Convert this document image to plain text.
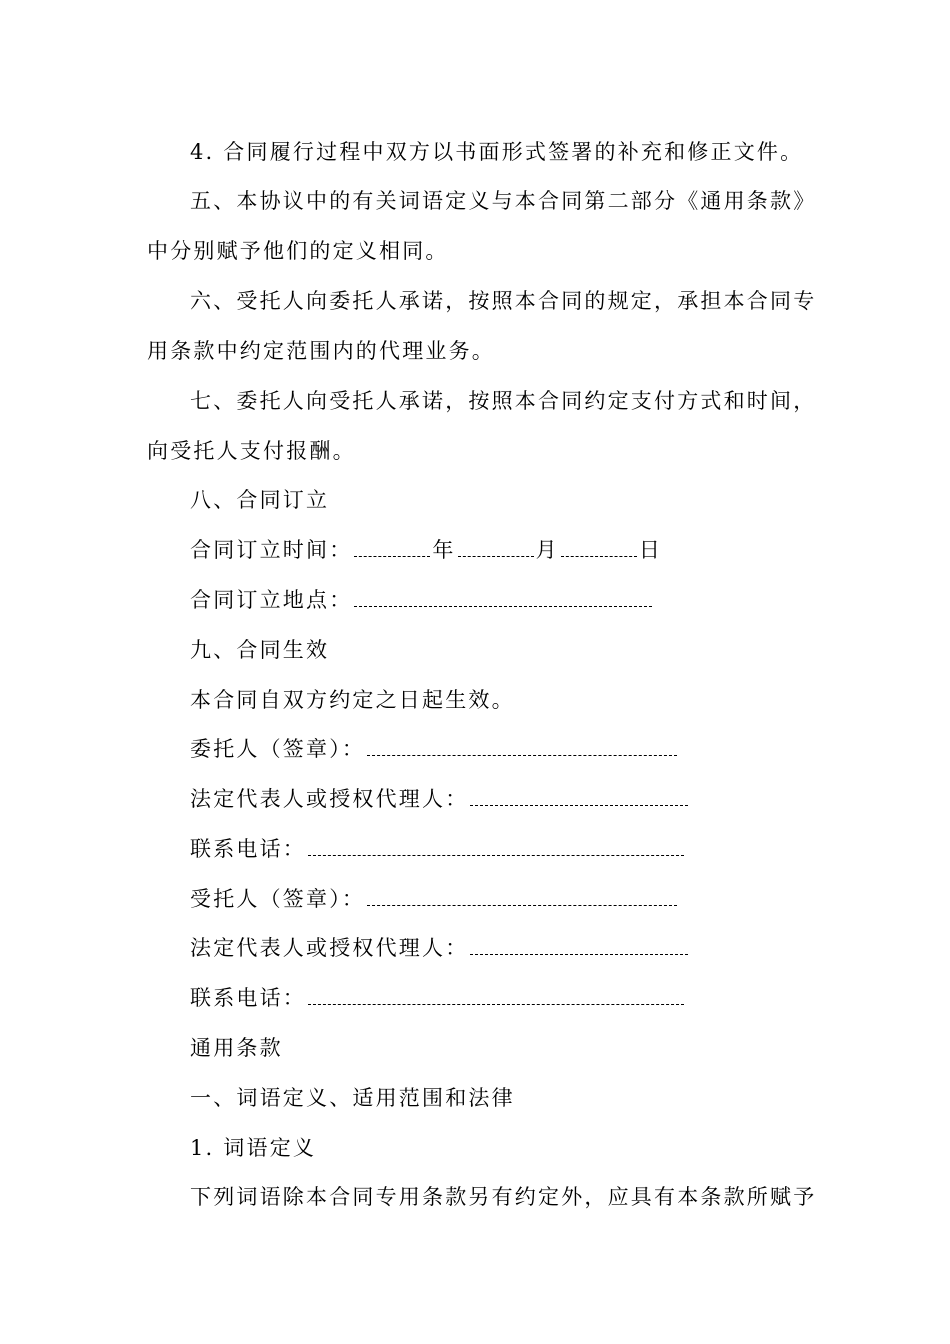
4. 合同履行过程中双方以书面形式签署的补充和修正文件。
五、本协议中的有关词语定义与本合同第二部分《通用条款》
中分别赋予他们的定义相同。
六、受托人向委托人承诺，按照本合同的规定，承担本合同专
用条款中约定范围内的代理业务。
七、委托人向受托人承诺，按照本合同约定支付方式和时间，
向受托人支付报酬。
八、合同订立
合同订立时间：	年	月	日
合同订立地点：
九、合同生效
本合同自双方约定之日起生效。
委托人（签章）：
法定代表人或授权代理人：
联系电话：
受托人（签章）：
法定代表人或授权代理人：
联系电话：
通用条款
一、词语定义、适用范围和法律
1. 词语定义
下列词语除本合同专用条款另有约定外，应具有本条款所赋予
